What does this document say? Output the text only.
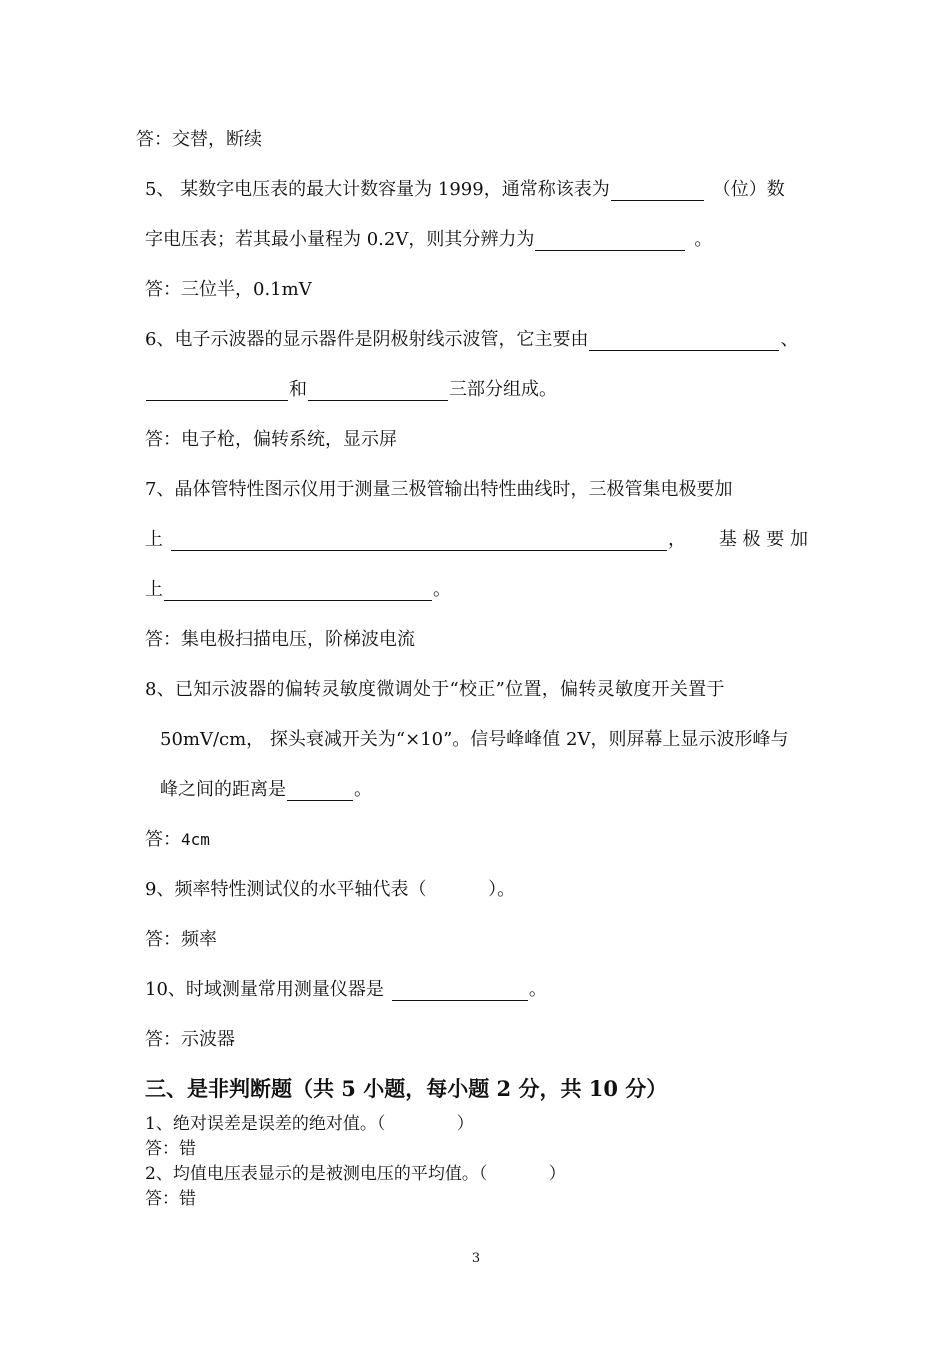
答：交替，断续
5、 某数字电压表的最大计数容量为 1999，通常称该表为	（位）数
字电压表；若其最小量程为 0.2V，则其分辨力为	。
答：三位半，0.1mV
6、电子示波器的显示器件是阴极射线示波管，它主要由	、
和	三部分组成。
答：电子枪，偏转系统，显示屏
7、晶体管特性图示仪用于测量三极管输出特性曲线时，三极管集电极要加
上	， 基 极 要 加
上	。
答：集电极扫描电压，阶梯波电流
8、已知示波器的偏转灵敏度微调处于“校正”位置，偏转灵敏度开关置于
50mV/cm， 探头衰减开关为“×10”。信号峰峰值 2V，则屏幕上显示波形峰与
峰之间的距离是	。
答：4cm
9、频率特性测试仪的水平轴代表（ ）。
答：频率
10、时域测量常用测量仪器是	。
答：示波器
三、是非判断题（共 5 小题，每小题 2 分，共 10 分）
1、绝对误差是误差的绝对值。（ ）
答：错
2、均值电压表显示的是被测电压的平均值。（ ）
答：错
3
